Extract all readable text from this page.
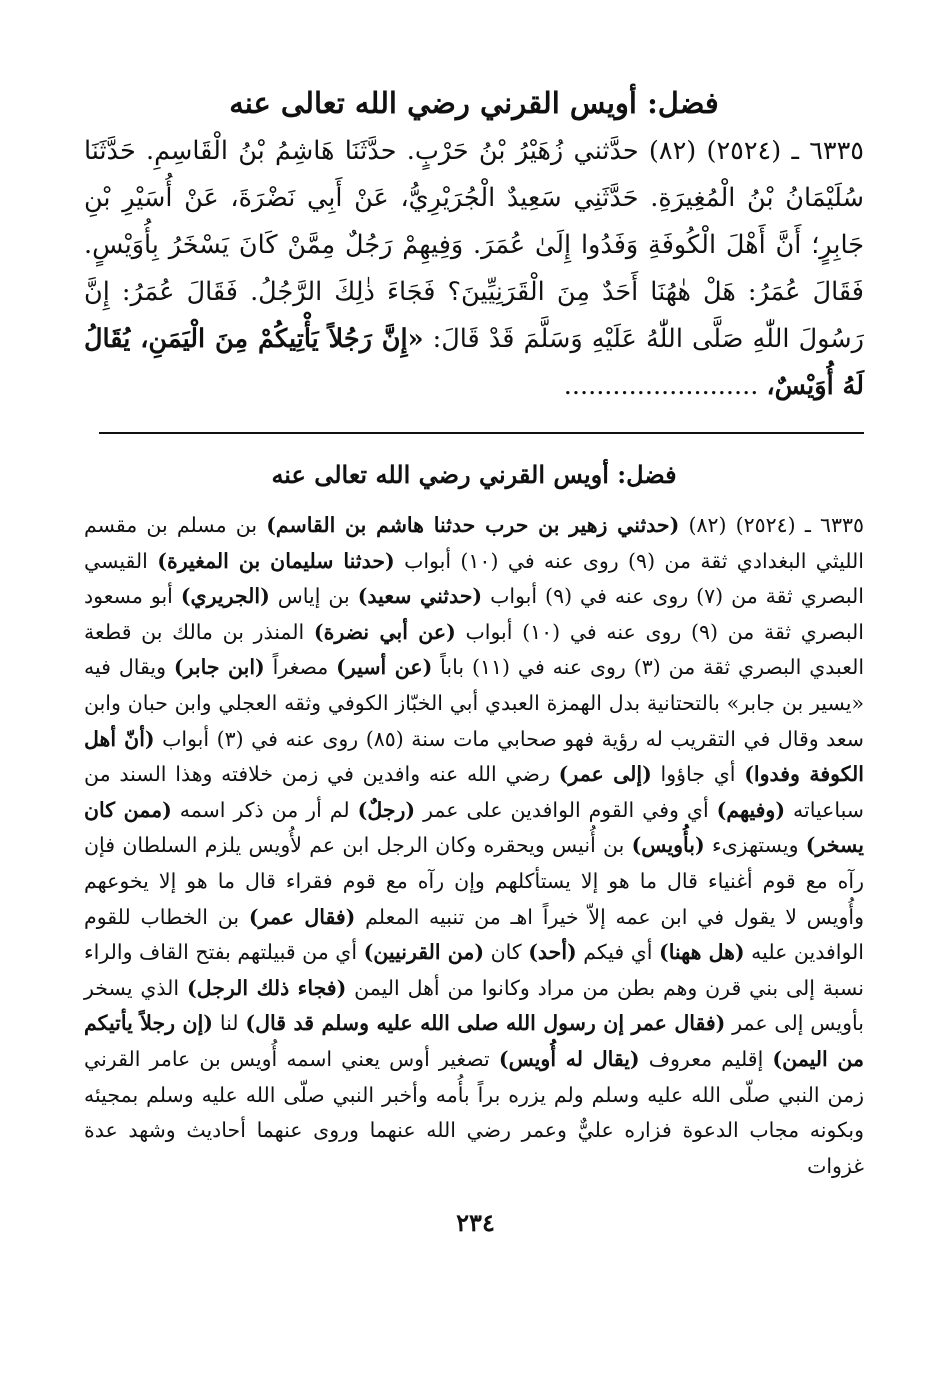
فضل: أويس القرني رضي الله تعالى عنه

٦٣٣٥ ـ (٢٥٢٤) (٨٢) حدَّثني زُهَيْرُ بْنُ حَرْبٍ. حدَّثَنَا هَاشِمُ بْنُ الْقَاسِمِ. حَدَّثَنَا سُلَيْمَانُ بْنُ الْمُغِيرَةِ. حَدَّثَنِي سَعِيدٌ الْجُرَيْرِيُّ، عَنْ أَبِي نَضْرَةَ، عَنْ أُسَيْرِ بْنِ جَابِرٍ؛ أَنَّ أَهْلَ الْكُوفَةِ وَفَدُوا إِلَىٰ عُمَرَ. وَفِيهِمْ رَجُلٌ مِمَّنْ كَانَ يَسْخَرُ بِأُوَيْسٍ. فَقَالَ عُمَرُ: هَلْ هٰهُنَا أَحَدٌ مِنَ الْقَرَنِيِّينَ؟ فَجَاءَ ذٰلِكَ الرَّجُلُ. فَقَالَ عُمَرُ: إِنَّ رَسُولَ اللّٰهِ صَلَّى اللّٰهُ عَلَيْهِ وَسَلَّمَ قَدْ قَالَ: «إِنَّ رَجُلاً يَأْتِيكُمْ مِنَ الْيَمَنِ، يُقَالُ لَهُ أُوَيْسٌ، ........................

فضل: أويس القرني رضي الله تعالى عنه

٦٣٣٥ ـ (٢٥٢٤) (٨٢) (حدثني زهير بن حرب حدثنا هاشم بن القاسم) بن مسلم بن مقسم الليثي البغدادي ثقة من (٩) روى عنه في (١٠) أبواب (حدثنا سليمان بن المغيرة) القيسي البصري ثقة من (٧) روى عنه في (٩) أبواب (حدثني سعيد) بن إياس (الجريري) أبو مسعود البصري ثقة من (٩) روى عنه في (١٠) أبواب (عن أبي نضرة) المنذر بن مالك بن قطعة العبدي البصري ثقة من (٣) روى عنه في (١١) باباً (عن أسير) مصغراً (ابن جابر) ويقال فيه «يسير بن جابر» بالتحتانية بدل الهمزة العبدي أبي الخبّاز الكوفي وثقه العجلي وابن حبان وابن سعد وقال في التقريب له رؤية فهو صحابي مات سنة (٨٥) روى عنه في (٣) أبواب (أنّ أهل الكوفة وفدوا) أي جاؤوا (إلى عمر) رضي الله عنه وافدين في زمن خلافته وهذا السند من سباعياته (وفيهم) أي وفي القوم الوافدين على عمر (رجلٌ) لم أر من ذكر اسمه (ممن كان يسخر) ويستهزىء (بأُويس) بن أُنيس ويحقره وكان الرجل ابن عم لأُويس يلزم السلطان فإن رآه مع قوم أغنياء قال ما هو إلا يستأكلهم وإن رآه مع قوم فقراء قال ما هو إلا يخوعهم وأُويس لا يقول في ابن عمه إلاّ خيراً اهـ من تنبيه المعلم (فقال عمر) بن الخطاب للقوم الوافدين عليه (هل ههنا) أي فيكم (أحد) كان (من القرنيين) أي من قبيلتهم بفتح القاف والراء نسبة إلى بني قرن وهم بطن من مراد وكانوا من أهل اليمن (فجاء ذلك الرجل) الذي يسخر بأويس إلى عمر (فقال عمر إن رسول الله صلى الله عليه وسلم قد قال) لنا (إن رجلاً يأتيكم من اليمن) إقليم معروف (يقال له أُويس) تصغير أوس يعني اسمه أُويس بن عامر القرني زمن النبي صلّى الله عليه وسلم ولم يزره براً بأُمه وأخبر النبي صلّى الله عليه وسلم بمجيئه وبكونه مجاب الدعوة فزاره عليٌّ وعمر رضي الله عنهما وروى عنهما أحاديث وشهد عدة غزوات

٢٣٤
